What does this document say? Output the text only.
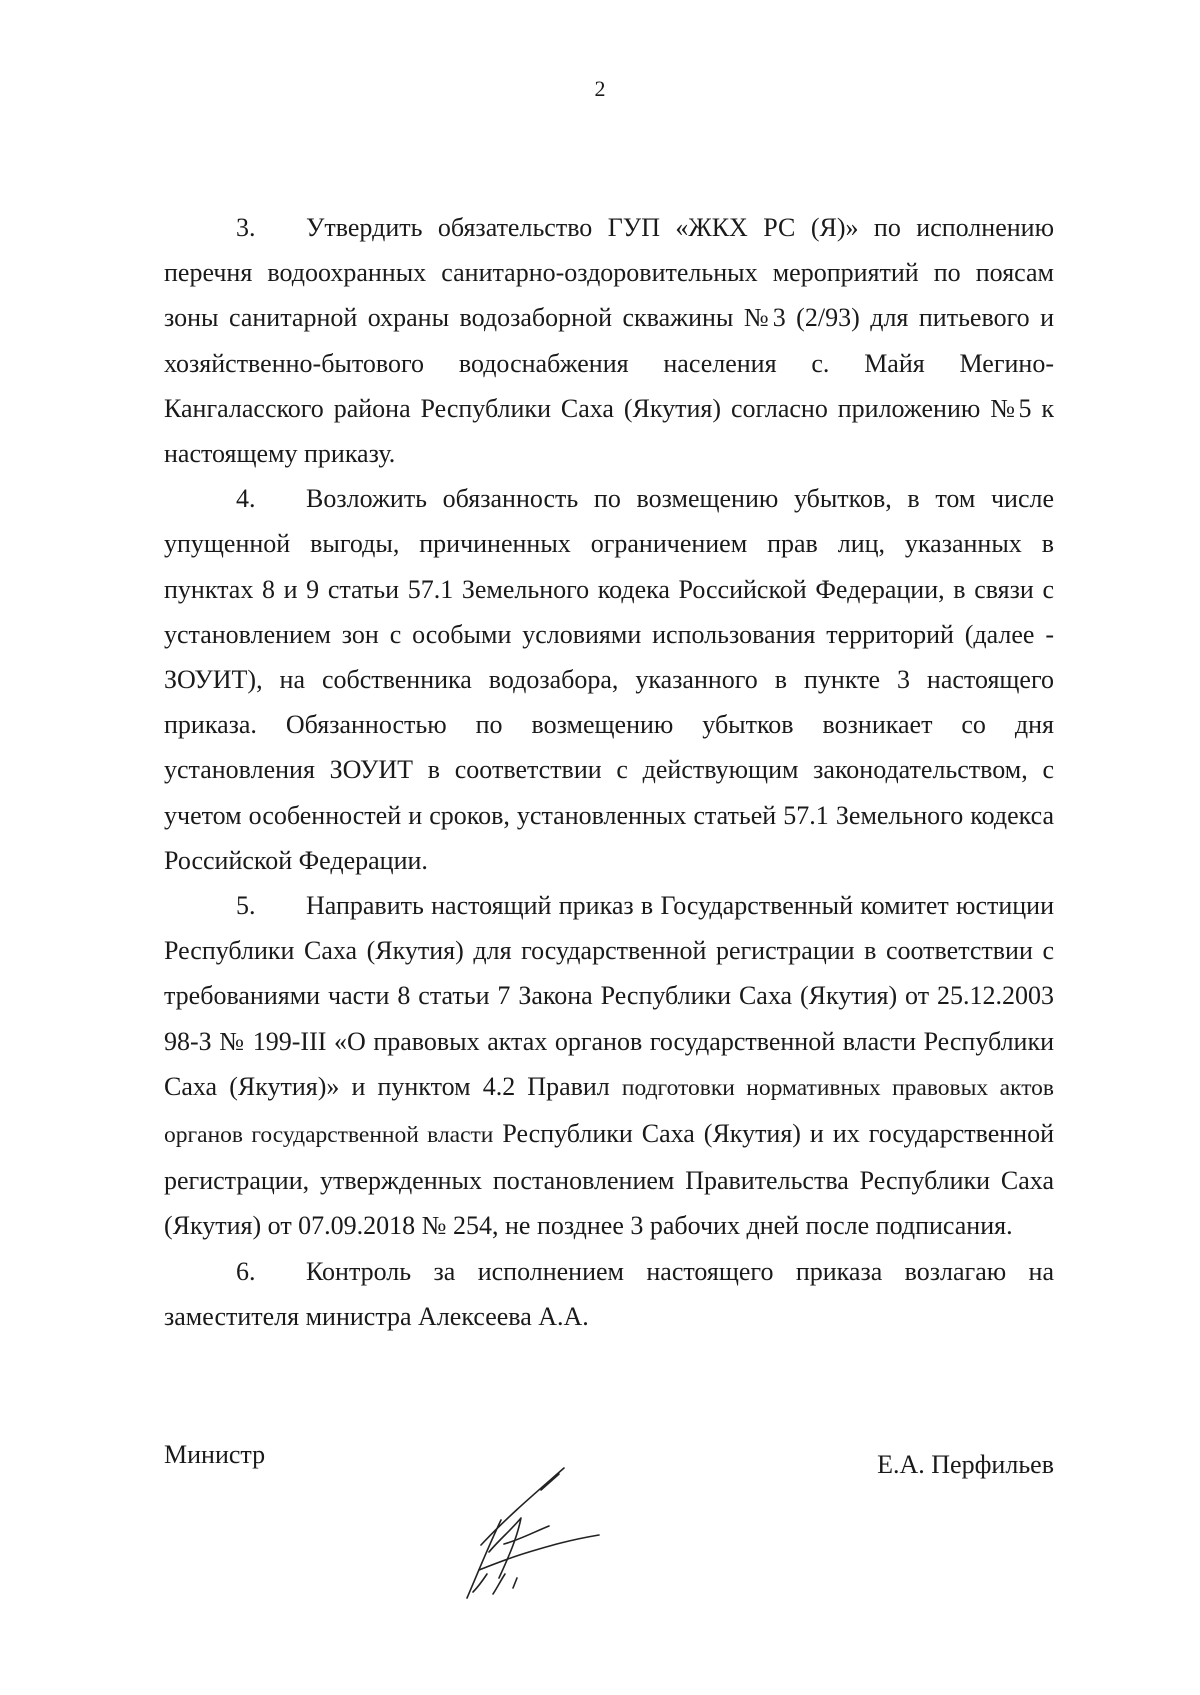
2

3. Утвердить обязательство ГУП «ЖКХ РС (Я)» по исполнению перечня водоохранных санитарно-оздоровительных мероприятий по поясам зоны санитарной охраны водозаборной скважины №3 (2/93) для питьевого и хозяйственно-бытового водоснабжения населения с. Майя Мегино-Кангаласского района Республики Саха (Якутия) согласно приложению №5 к настоящему приказу.

4. Возложить обязанность по возмещению убытков, в том числе упущенной выгоды, причиненных ограничением прав лиц, указанных в пунктах 8 и 9 статьи 57.1 Земельного кодека Российской Федерации, в связи с установлением зон с особыми условиями использования территорий (далее - ЗОУИТ), на собственника водозабора, указанного в пункте 3 настоящего приказа. Обязанностью по возмещению убытков возникает со дня установления ЗОУИТ в соответствии с действующим законодательством, с учетом особенностей и сроков, установленных статьей 57.1 Земельного кодекса Российской Федерации.

5. Направить настоящий приказ в Государственный комитет юстиции Республики Саха (Якутия) для государственной регистрации в соответствии с требованиями части 8 статьи 7 Закона Республики Саха (Якутия) от 25.12.2003 98-З № 199-III «О правовых актах органов государственной власти Республики Саха (Якутия)» и пунктом 4.2 Правил подготовки нормативных правовых актов органов государственной власти Республики Саха (Якутия) и их государственной регистрации, утвержденных постановлением Правительства Республики Саха (Якутия) от 07.09.2018 № 254, не позднее 3 рабочих дней после подписания.

6. Контроль за исполнением настоящего приказа возлагаю на заместителя министра Алексеева А.А.

Министр	Е.А. Перфильев
